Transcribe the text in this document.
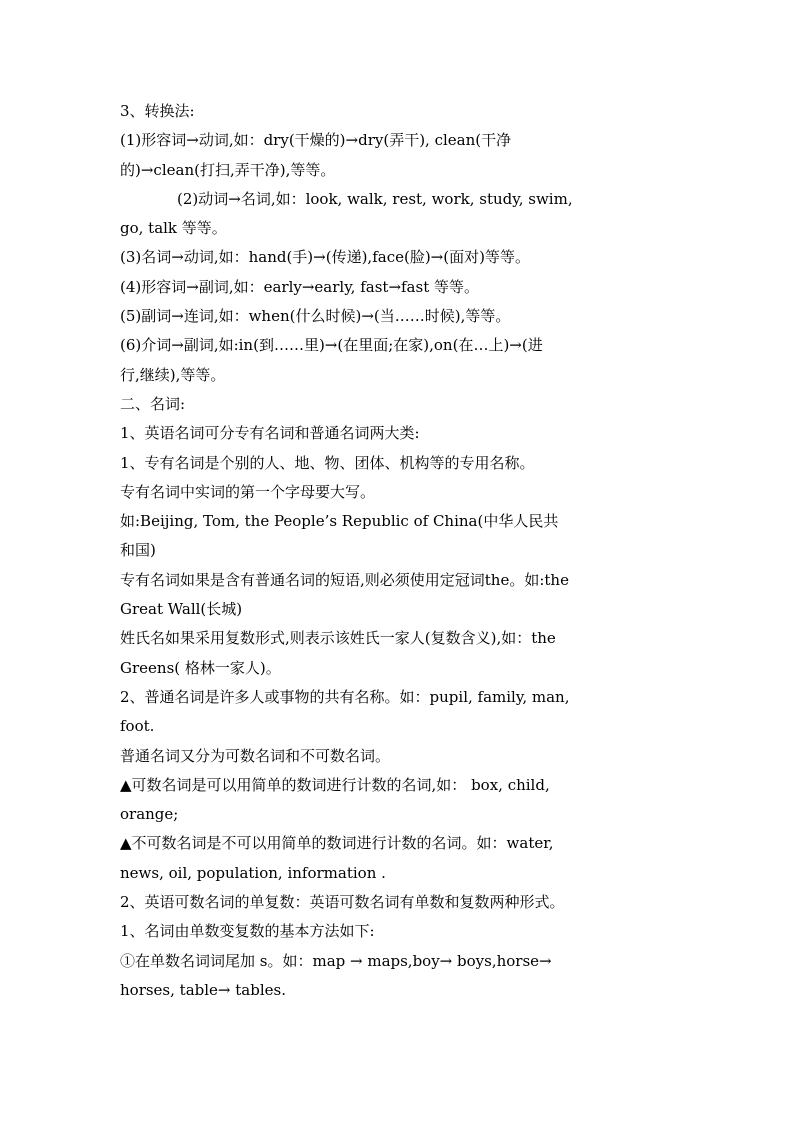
3、转换法:
(1)形容词→动词,如：dry(干燥的)→dry(弄干), clean(干净
的)→clean(打扫,弄干净),等等。
(2)动词→名词,如：look, walk, rest, work, study, swim,
go, talk 等等。
(3)名词→动词,如：hand(手)→(传递),face(脸)→(面对)等等。
(4)形容词→副词,如：early→early, fast→fast 等等。
(5)副词→连词,如：when(什么时候)→(当……时候),等等。
(6)介词→副词,如:in(到……里)→(在里面;在家),on(在…上)→(进
行,继续),等等。
二、名词:
1、英语名词可分专有名词和普通名词两大类:
1、专有名词是个别的人、地、物、团体、机构等的专用名称。
专有名词中实词的第一个字母要大写。
如:Beijing, Tom, the People’s Republic of China(中华人民共
和国)
专有名词如果是含有普通名词的短语,则必须使用定冠词the。如:the
Great Wall(长城)
姓氏名如果采用复数形式,则表示该姓氏一家人(复数含义),如：the
Greens( 格林一家人)。
2、普通名词是许多人或事物的共有名称。如：pupil, family, man,
foot.
普通名词又分为可数名词和不可数名词。
▲可数名词是可以用简单的数词进行计数的名词,如： box, child,
orange;
▲不可数名词是不可以用简单的数词进行计数的名词。如：water,
news, oil, population, information .
2、英语可数名词的单复数：英语可数名词有单数和复数两种形式。
1、名词由单数变复数的基本方法如下:
①在单数名词词尾加 s。如：map → maps,boy→ boys,horse→
horses, table→ tables.
